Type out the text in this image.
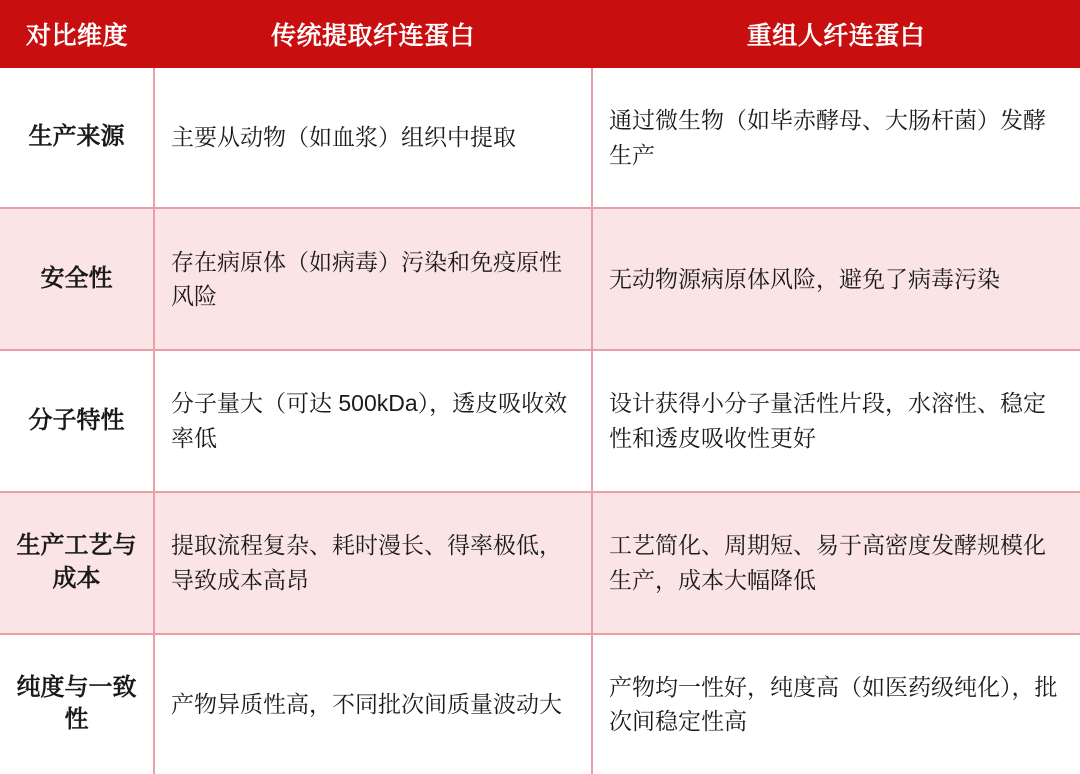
对比维度	传统提取纤连蛋白	重组人纤连蛋白
生产来源	主要从动物（如血浆）组织中提取	通过微生物（如毕赤酵母、大肠杆菌）发酵生产
安全性	存在病原体（如病毒）污染和免疫原性风险	无动物源病原体风险，避免了病毒污染
分子特性	分子量大（可达 500kDa），透皮吸收效率低	设计获得小分子量活性片段，水溶性、稳定性和透皮吸收性更好
生产工艺与成本	提取流程复杂、耗时漫长、得率极低，导致成本高昂	工艺简化、周期短、易于高密度发酵规模化生产，成本大幅降低
纯度与一致性	产物异质性高，不同批次间质量波动大	产物均一性好，纯度高（如医药级纯化），批次间稳定性高
